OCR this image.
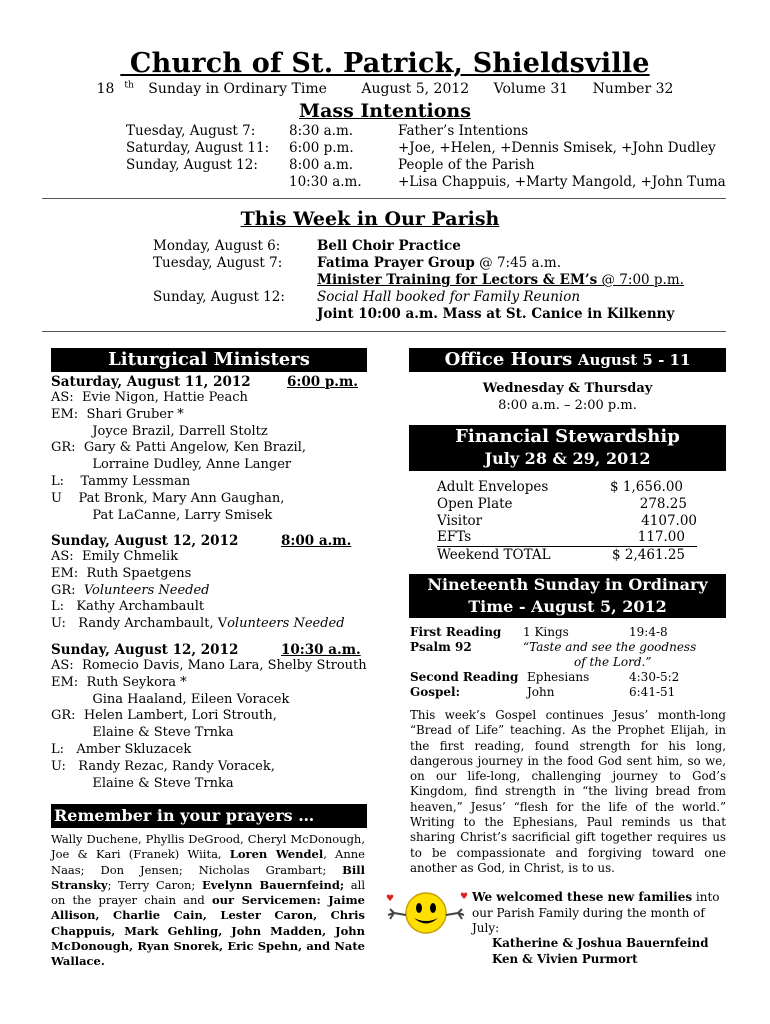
Church of St. Patrick, Shieldsville
18 $^{th}$ Sunday in Ordinary Time August 5, 2012 Volume 31 Number 32
Mass Intentions
Tuesday, August 7: 8:30 a.m.	Father’s Intentions
Saturday, August 11: 6:00 p.m.	+Joe, +Helen, +Dennis Smisek, +John Dudley
Sunday, August 12: 8:00 a.m.	People of the Parish
10:30 a.m.	+Lisa Chappuis, +Marty Mangold, +John Tuma
This Week in Our Parish
Monday, August 6:	Bell Choir Practice
Tuesday, August 7:	Fatima Prayer Group @ 7:45 a.m.
Minister Training for Lectors & EM’s @ 7:00 p.m.
Sunday, August 12: Social Hall booked for Family Reunion
Joint 10:00 a.m. Mass at St. Canice in Kilkenny
Liturgical Ministers
Saturday, August 11, 2012	6:00 p.m.
AS:  Evie Nigon, Hattie Peach
EM:  Shari Gruber *
Joyce Brazil, Darrell Stoltz
GR:  Gary & Patti Angelow, Ken Brazil,
Lorraine Dudley, Anne Langer
L:    Tammy Lessman
U    Pat Bronk, Mary Ann Gaughan,
Pat LaCanne, Larry Smisek
Sunday, August 12, 2012	8:00 a.m.
AS:  Emily Chmelik
EM:  Ruth Spaetgens
GR:  Volunteers Needed
L:   Kathy Archambault
U:   Randy Archambault, Volunteers Needed
Sunday, August 12, 2012	10:30 a.m.
AS:  Romecio Davis, Mano Lara, Shelby Strouth
EM:  Ruth Seykora *
Gina Haaland, Eileen Voracek
GR:  Helen Lambert, Lori Strouth,
Elaine & Steve Trnka
L:   Amber Skluzacek
U:   Randy Rezac, Randy Voracek,
Elaine & Steve Trnka
Remember in your prayers …
Wally Duchene, Phyllis DeGrood, Cheryl McDonough, Joe & Kari (Franek) Wiita, Loren Wendel, Anne Naas; Don Jensen; Nicholas Grambart; Bill Stransky; Terry Caron; Evelynn Bauernfeind; all on the prayer chain and our Servicemen: Jaime Allison, Charlie Cain, Lester Caron, Chris Chappuis, Mark Gehling, John Madden, John McDonough, Ryan Snorek, Eric Spehn, and Nate Wallace.
Office Hours August 5 - 11
Wednesday & Thursday
8:00 a.m. – 2:00 p.m.
Financial Stewardship
July 28 & 29, 2012
Adult Envelopes	$ 1,656.00
Open Plate	278.25
Visitor	4107.00
EFTs	117.00
Weekend TOTAL	$ 2,461.25
Nineteenth Sunday in Ordinary
Time - August 5, 2012
First Reading 1 Kings	19:4-8
Psalm 92	“Taste and see the goodness
of the Lord.”
Second Reading Ephesians	4:30-5:2
Gospel:	John	6:41-51
This week’s Gospel continues Jesus’ month-long “Bread of Life” teaching. As the Prophet Elijah, in the first reading, found strength for his long, dangerous journey in the food God sent him, so we, on our life-long, challenging journey to God’s Kingdom, find strength in “the living bread from heaven,” Jesus’ “flesh for the life of the world.” Writing to the Ephesians, Paul reminds us that sharing Christ’s sacrificial gift together requires us to be compassionate and forgiving toward one another as God, in Christ, is to us.
♥	♥ We welcomed these new families into our Parish Family during the month of July:
Katherine & Joshua Bauernfeind
Ken & Vivien Purmort
